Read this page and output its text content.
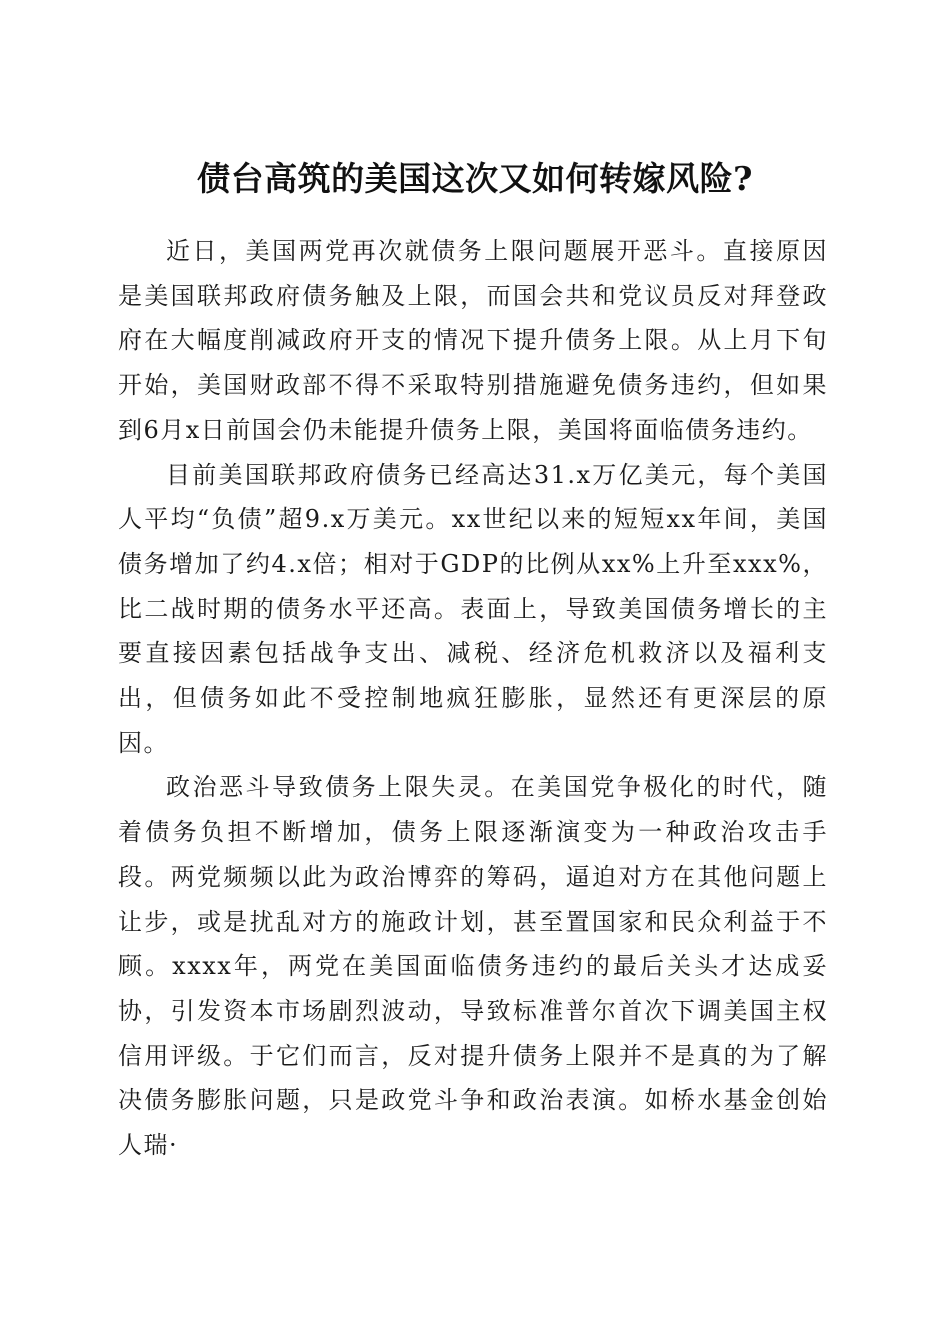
债台高筑的美国这次又如何转嫁风险?

近日，美国两党再次就债务上限问题展开恶斗。直接原因是美国联邦政府债务触及上限，而国会共和党议员反对拜登政府在大幅度削减政府开支的情况下提升债务上限。从上月下旬开始，美国财政部不得不采取特别措施避免债务违约，但如果到6月x日前国会仍未能提升债务上限，美国将面临债务违约。

目前美国联邦政府债务已经高达31.x万亿美元，每个美国人平均“负债”超9.x万美元。xx世纪以来的短短xx年间，美国债务增加了约4.x倍；相对于GDP的比例从xx%上升至xxx%，比二战时期的债务水平还高。表面上，导致美国债务增长的主要直接因素包括战争支出、减税、经济危机救济以及福利支出，但债务如此不受控制地疯狂膨胀，显然还有更深层的原因。

政治恶斗导致债务上限失灵。在美国党争极化的时代，随着债务负担不断增加，债务上限逐渐演变为一种政治攻击手段。两党频频以此为政治博弈的筹码，逼迫对方在其他问题上让步，或是扰乱对方的施政计划，甚至置国家和民众利益于不顾。xxxx年，两党在美国面临债务违约的最后关头才达成妥协，引发资本市场剧烈波动，导致标准普尔首次下调美国主权信用评级。于它们而言，反对提升债务上限并不是真的为了解决债务膨胀问题，只是政党斗争和政治表演。如桥水基金创始人瑞·
